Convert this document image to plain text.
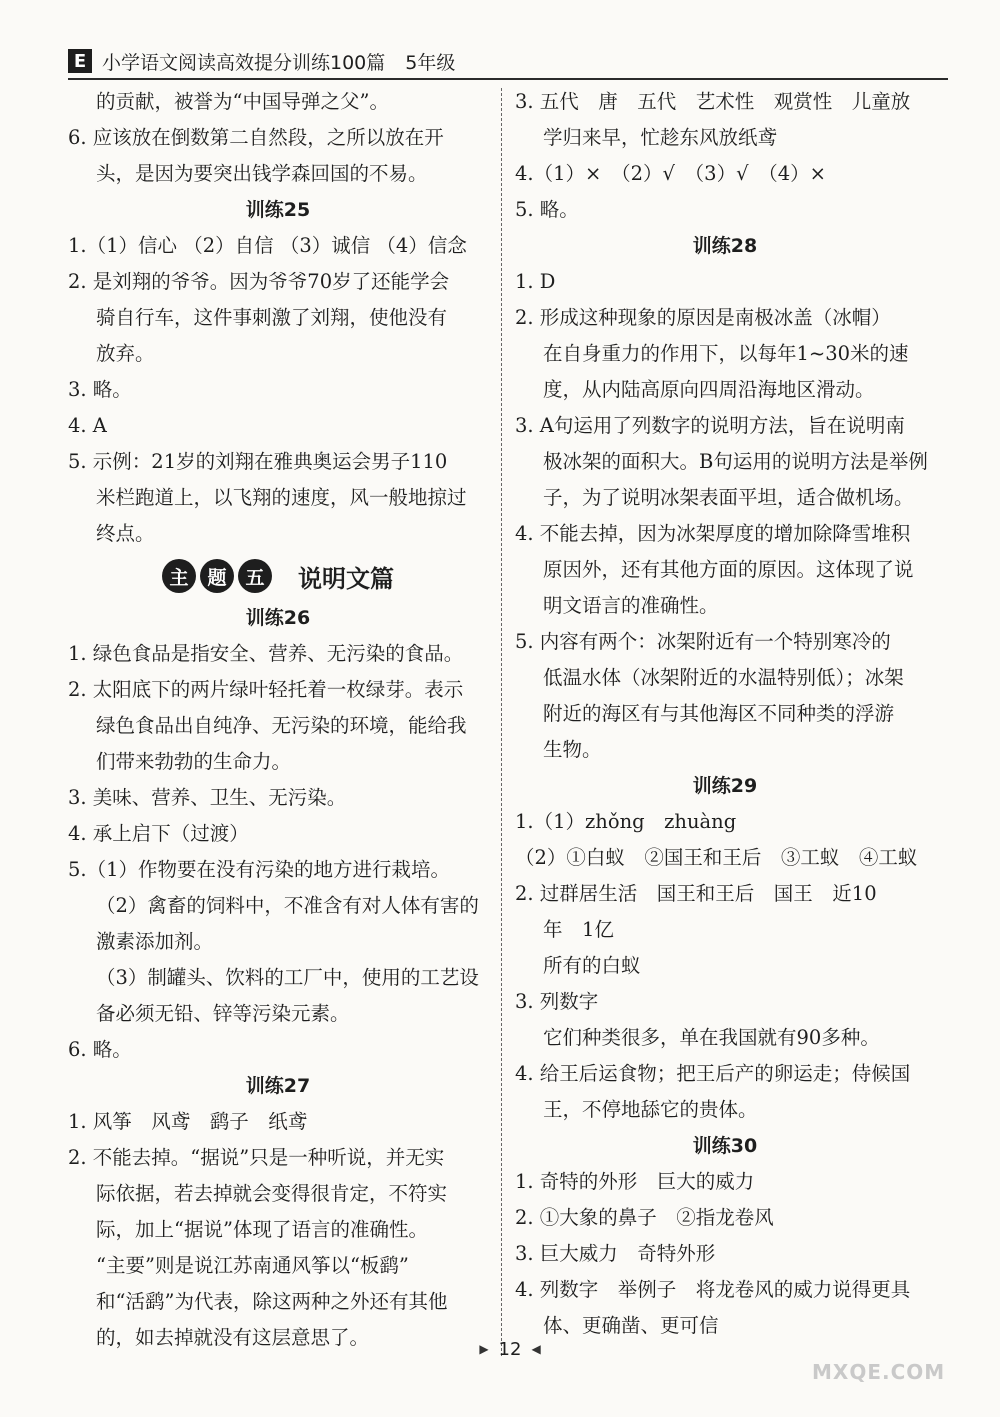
E 小学语文阅读高效提分训练100篇 5年级
的贡献，被誉为“中国导弹之父”。
6. 应该放在倒数第二自然段，之所以放在开
头，是因为要突出钱学森回国的不易。
训练25
1.（1）信心 （2）自信 （3）诚信 （4）信念
2. 是刘翔的爷爷。因为爷爷70岁了还能学会
骑自行车，这件事刺激了刘翔，使他没有
放弃。
3. 略。
4. A
5. 示例：21岁的刘翔在雅典奥运会男子110
米栏跑道上，以飞翔的速度，风一般地掠过
终点。
主 题 五	说明文篇
训练26
1. 绿色食品是指安全、营养、无污染的食品。
2. 太阳底下的两片绿叶轻托着一枚绿芽。表示
绿色食品出自纯净、无污染的环境，能给我
们带来勃勃的生命力。
3. 美味、营养、卫生、无污染。
4. 承上启下（过渡）
5.（1）作物要在没有污染的地方进行栽培。
（2）禽畜的饲料中，不准含有对人体有害的
激素添加剂。
（3）制罐头、饮料的工厂中，使用的工艺设
备必须无铅、锌等污染元素。
6. 略。
训练27
1. 风筝　风鸢　鹞子　纸鸢
2. 不能去掉。“据说”只是一种听说，并无实
际依据，若去掉就会变得很肯定，不符实
际，加上“据说”体现了语言的准确性。
“主要”则是说江苏南通风筝以“板鹞”
和“活鹞”为代表，除这两种之外还有其他
的，如去掉就没有这层意思了。
3. 五代　唐　五代　艺术性　观赏性　儿童放
学归来早，忙趁东风放纸鸢
4.（1）×　（2）√　（3）√　（4）×
5. 略。
训练28
1. D
2. 形成这种现象的原因是南极冰盖（冰帽）
在自身重力的作用下，以每年1~30米的速
度，从内陆高原向四周沿海地区滑动。
3. A句运用了列数字的说明方法，旨在说明南
极冰架的面积大。B句运用的说明方法是举例
子，为了说明冰架表面平坦，适合做机场。
4. 不能去掉，因为冰架厚度的增加除降雪堆积
原因外，还有其他方面的原因。这体现了说
明文语言的准确性。
5. 内容有两个：冰架附近有一个特别寒冷的
低温水体（冰架附近的水温特别低）；冰架
附近的海区有与其他海区不同种类的浮游
生物。
训练29
1.（1）zhǒng　zhuàng
（2）①白蚁　②国王和王后　③工蚁　④工蚁
2. 过群居生活　国王和王后　国王　近10
年　1亿
所有的白蚁
3. 列数字
它们种类很多，单在我国就有90多种。
4. 给王后运食物；把王后产的卵运走；侍候国
王，不停地舔它的贵体。
训练30
1. 奇特的外形　巨大的威力
2. ①大象的鼻子　②指龙卷风
3. 巨大威力　奇特外形
4. 列数字　举例子　将龙卷风的威力说得更具
体、更确凿、更可信
▶ 12 ◀
MXQE.COM
